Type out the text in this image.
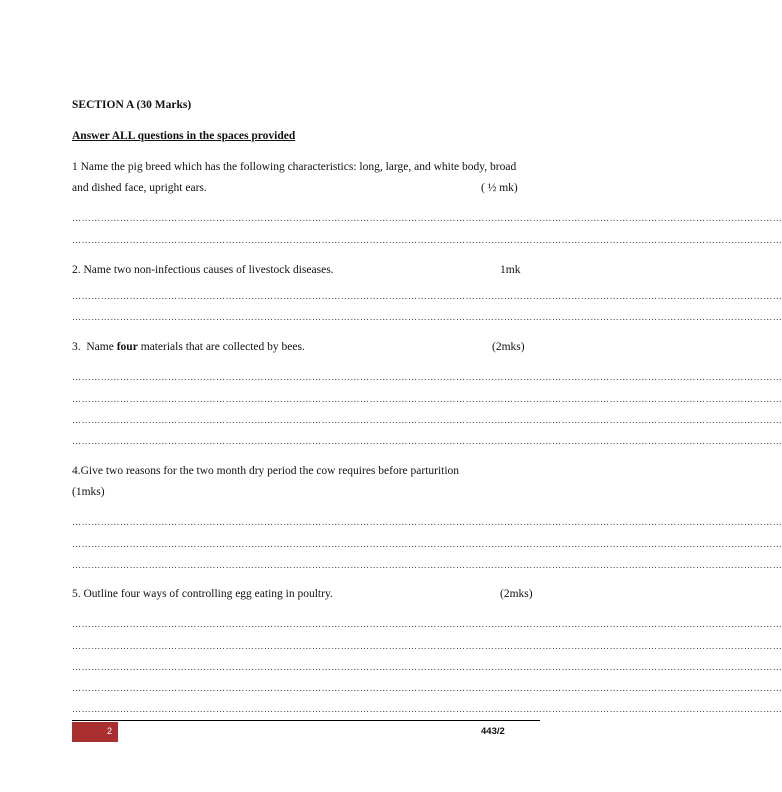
SECTION A (30 Marks)
Answer ALL questions in the spaces provided
1 Name the pig breed which has the following characteristics: long, large, and white body, broad
and dished face, upright ears.	( ½ mk)
……………………………………………………………………………………………………………………………………………………………………………………………………
……………………………………………………………………………………………………………………………………………………………………………………………………
2. Name two non-infectious causes of livestock diseases.	1mk
……………………………………………………………………………………………………………………………………………………………………………………………………
……………………………………………………………………………………………………………………………………………………………………………………………………
3.  Name four materials that are collected by bees.	(2mks)
……………………………………………………………………………………………………………………………………………………………………………………………………
……………………………………………………………………………………………………………………………………………………………………………………………………
……………………………………………………………………………………………………………………………………………………………………………………………………
……………………………………………………………………………………………………………………………………………………………………………………………………
4.Give two reasons for the two month dry period the cow requires before parturition
(1mks)
……………………………………………………………………………………………………………………………………………………………………………………………………
……………………………………………………………………………………………………………………………………………………………………………………………………
……………………………………………………………………………………………………………………………………………………………………………………………………
5. Outline four ways of controlling egg eating in poultry.	(2mks)
……………………………………………………………………………………………………………………………………………………………………………………………………
……………………………………………………………………………………………………………………………………………………………………………………………………
……………………………………………………………………………………………………………………………………………………………………………………………………
……………………………………………………………………………………………………………………………………………………………………………………………………
……………………………………………………………………………………………………………………………………………………………………………………………………
2	443/2
